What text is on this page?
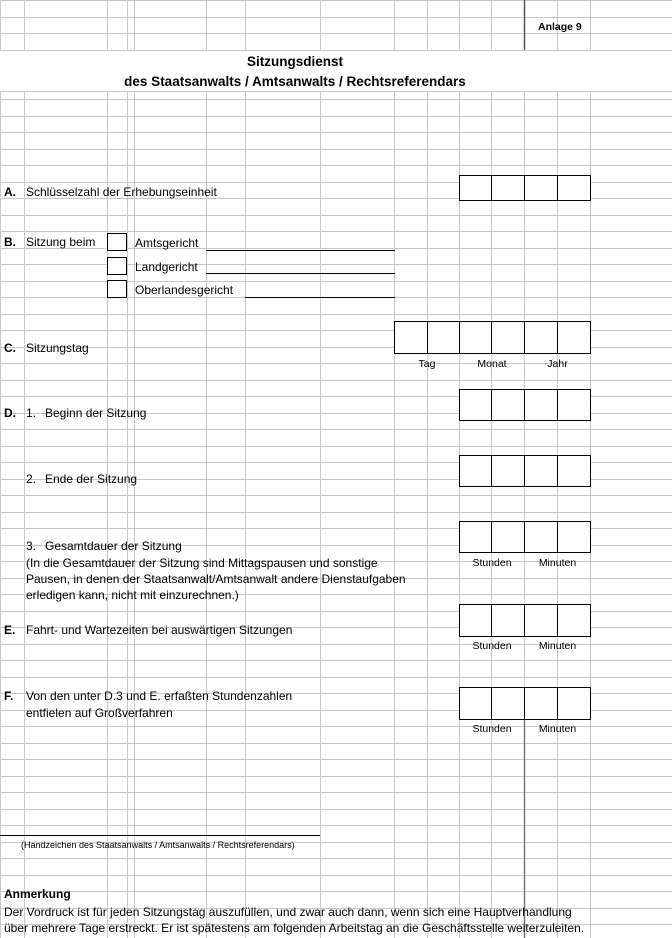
Anlage 9
Sitzungsdienst
des Staatsanwalts / Amtsanwalts / Rechtsreferendars
A. Schlüsselzahl der Erhebungseinheit
B. Sitzung beim	Amtsgericht
Landgericht
Oberlandesgericht
C. Sitzungstag
Tag	Monat	Jahr
D. 1. Beginn der Sitzung
2. Ende der Sitzung
3. Gesamtdauer der Sitzung
(In die Gesamtdauer der Sitzung sind Mittagspausen und sonstige
Pausen, in denen der Staatsanwalt/Amtsanwalt andere Dienstaufgaben
erledigen kann, nicht mit einzurechnen.)
Stunden	Minuten
E. Fahrt- und Wartezeiten bei auswärtigen Sitzungen
Stunden	Minuten
F. Von den unter D.3 und E. erfaßten Stundenzahlen
entfielen auf Großverfahren
Stunden	Minuten
(Handzeichen des Staatsanwalts / Amtsanwalts / Rechtsreferendars)
Anmerkung
Der Vordruck ist für jeden Sitzungstag auszufüllen, und zwar auch dann, wenn sich eine Hauptverhandlung
über mehrere Tage erstreckt. Er ist spätestens am folgenden Arbeitstag an die Geschäftsstelle weiterzuleiten.
